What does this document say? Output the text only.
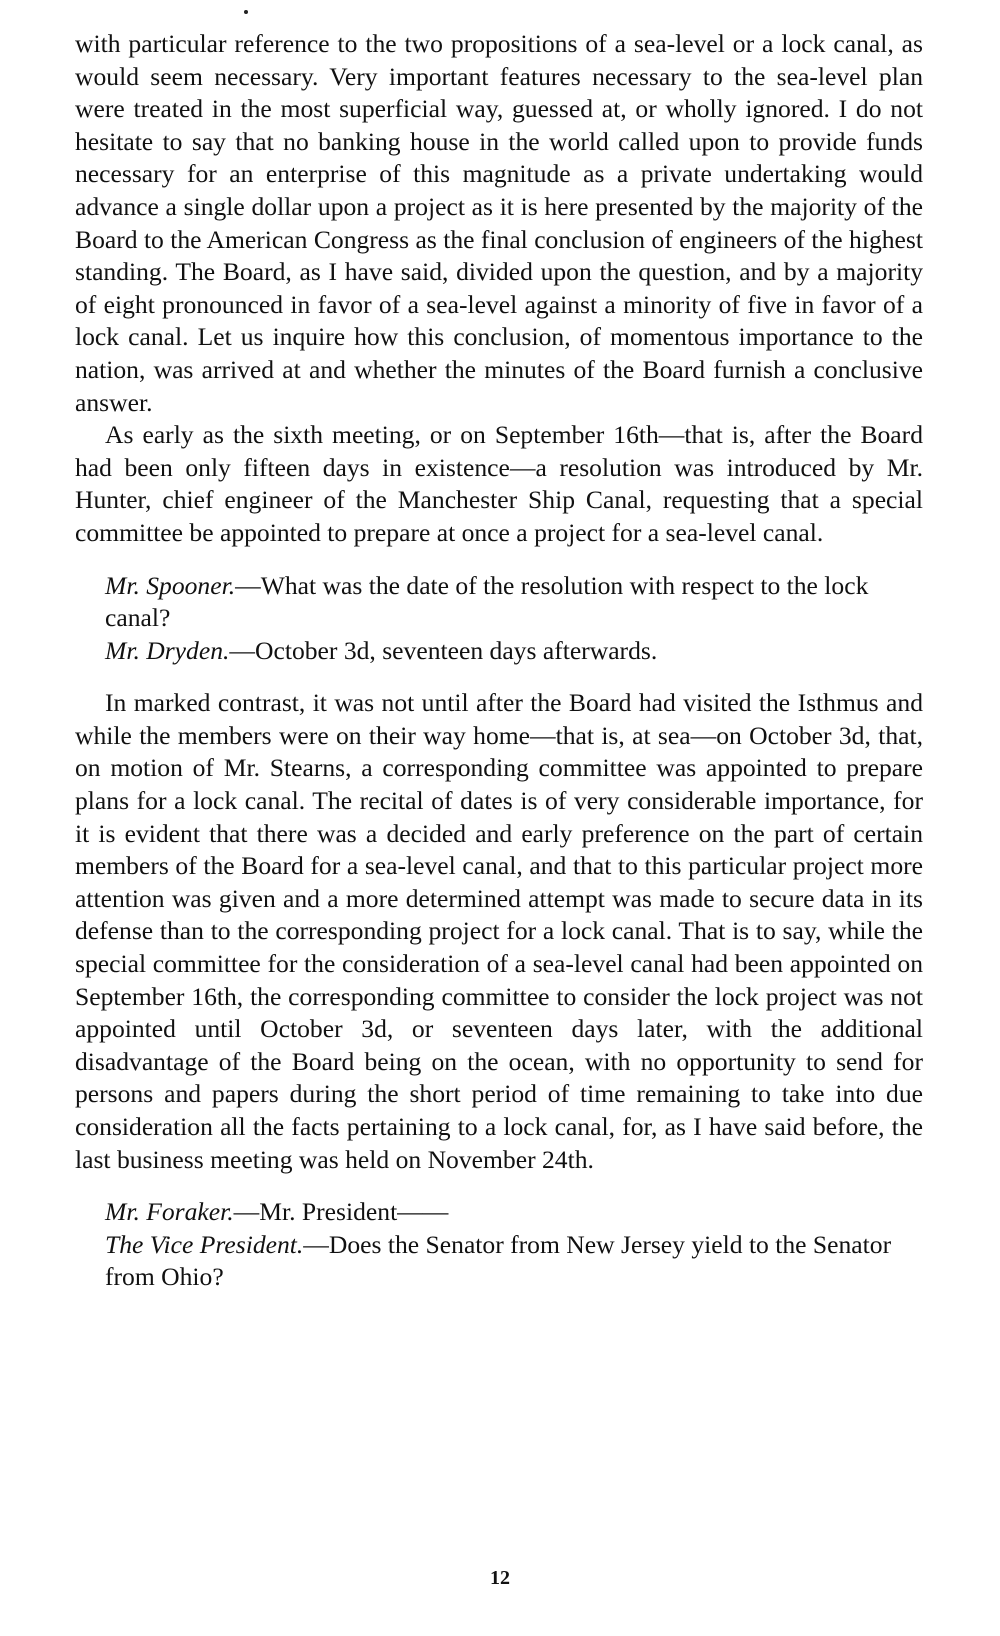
with particular reference to the two propositions of a sea-level or a lock canal, as would seem necessary. Very important features necessary to the sea-level plan were treated in the most superficial way, guessed at, or wholly ignored. I do not hesitate to say that no banking house in the world called upon to provide funds necessary for an enterprise of this magnitude as a private undertaking would advance a single dollar upon a project as it is here presented by the majority of the Board to the American Congress as the final conclusion of engineers of the highest standing. The Board, as I have said, divided upon the question, and by a majority of eight pronounced in favor of a sea-level against a minority of five in favor of a lock canal. Let us inquire how this conclusion, of momentous importance to the nation, was arrived at and whether the minutes of the Board furnish a conclusive answer.

As early as the sixth meeting, or on September 16th—that is, after the Board had been only fifteen days in existence—a resolution was introduced by Mr. Hunter, chief engineer of the Manchester Ship Canal, requesting that a special committee be appointed to prepare at once a project for a sea-level canal.

Mr. Spooner.—What was the date of the resolution with respect to the lock canal?

Mr. Dryden.—October 3d, seventeen days afterwards.

In marked contrast, it was not until after the Board had visited the Isthmus and while the members were on their way home—that is, at sea—on October 3d, that, on motion of Mr. Stearns, a corresponding committee was appointed to prepare plans for a lock canal. The recital of dates is of very considerable importance, for it is evident that there was a decided and early preference on the part of certain members of the Board for a sea-level canal, and that to this particular project more attention was given and a more determined attempt was made to secure data in its defense than to the corresponding project for a lock canal. That is to say, while the special committee for the consideration of a sea-level canal had been appointed on September 16th, the corresponding committee to consider the lock project was not appointed until October 3d, or seventeen days later, with the additional disadvantage of the Board being on the ocean, with no opportunity to send for persons and papers during the short period of time remaining to take into due consideration all the facts pertaining to a lock canal, for, as I have said before, the last business meeting was held on November 24th.

Mr. Foraker.—Mr. President——

The Vice President.—Does the Senator from New Jersey yield to the Senator from Ohio?

12
